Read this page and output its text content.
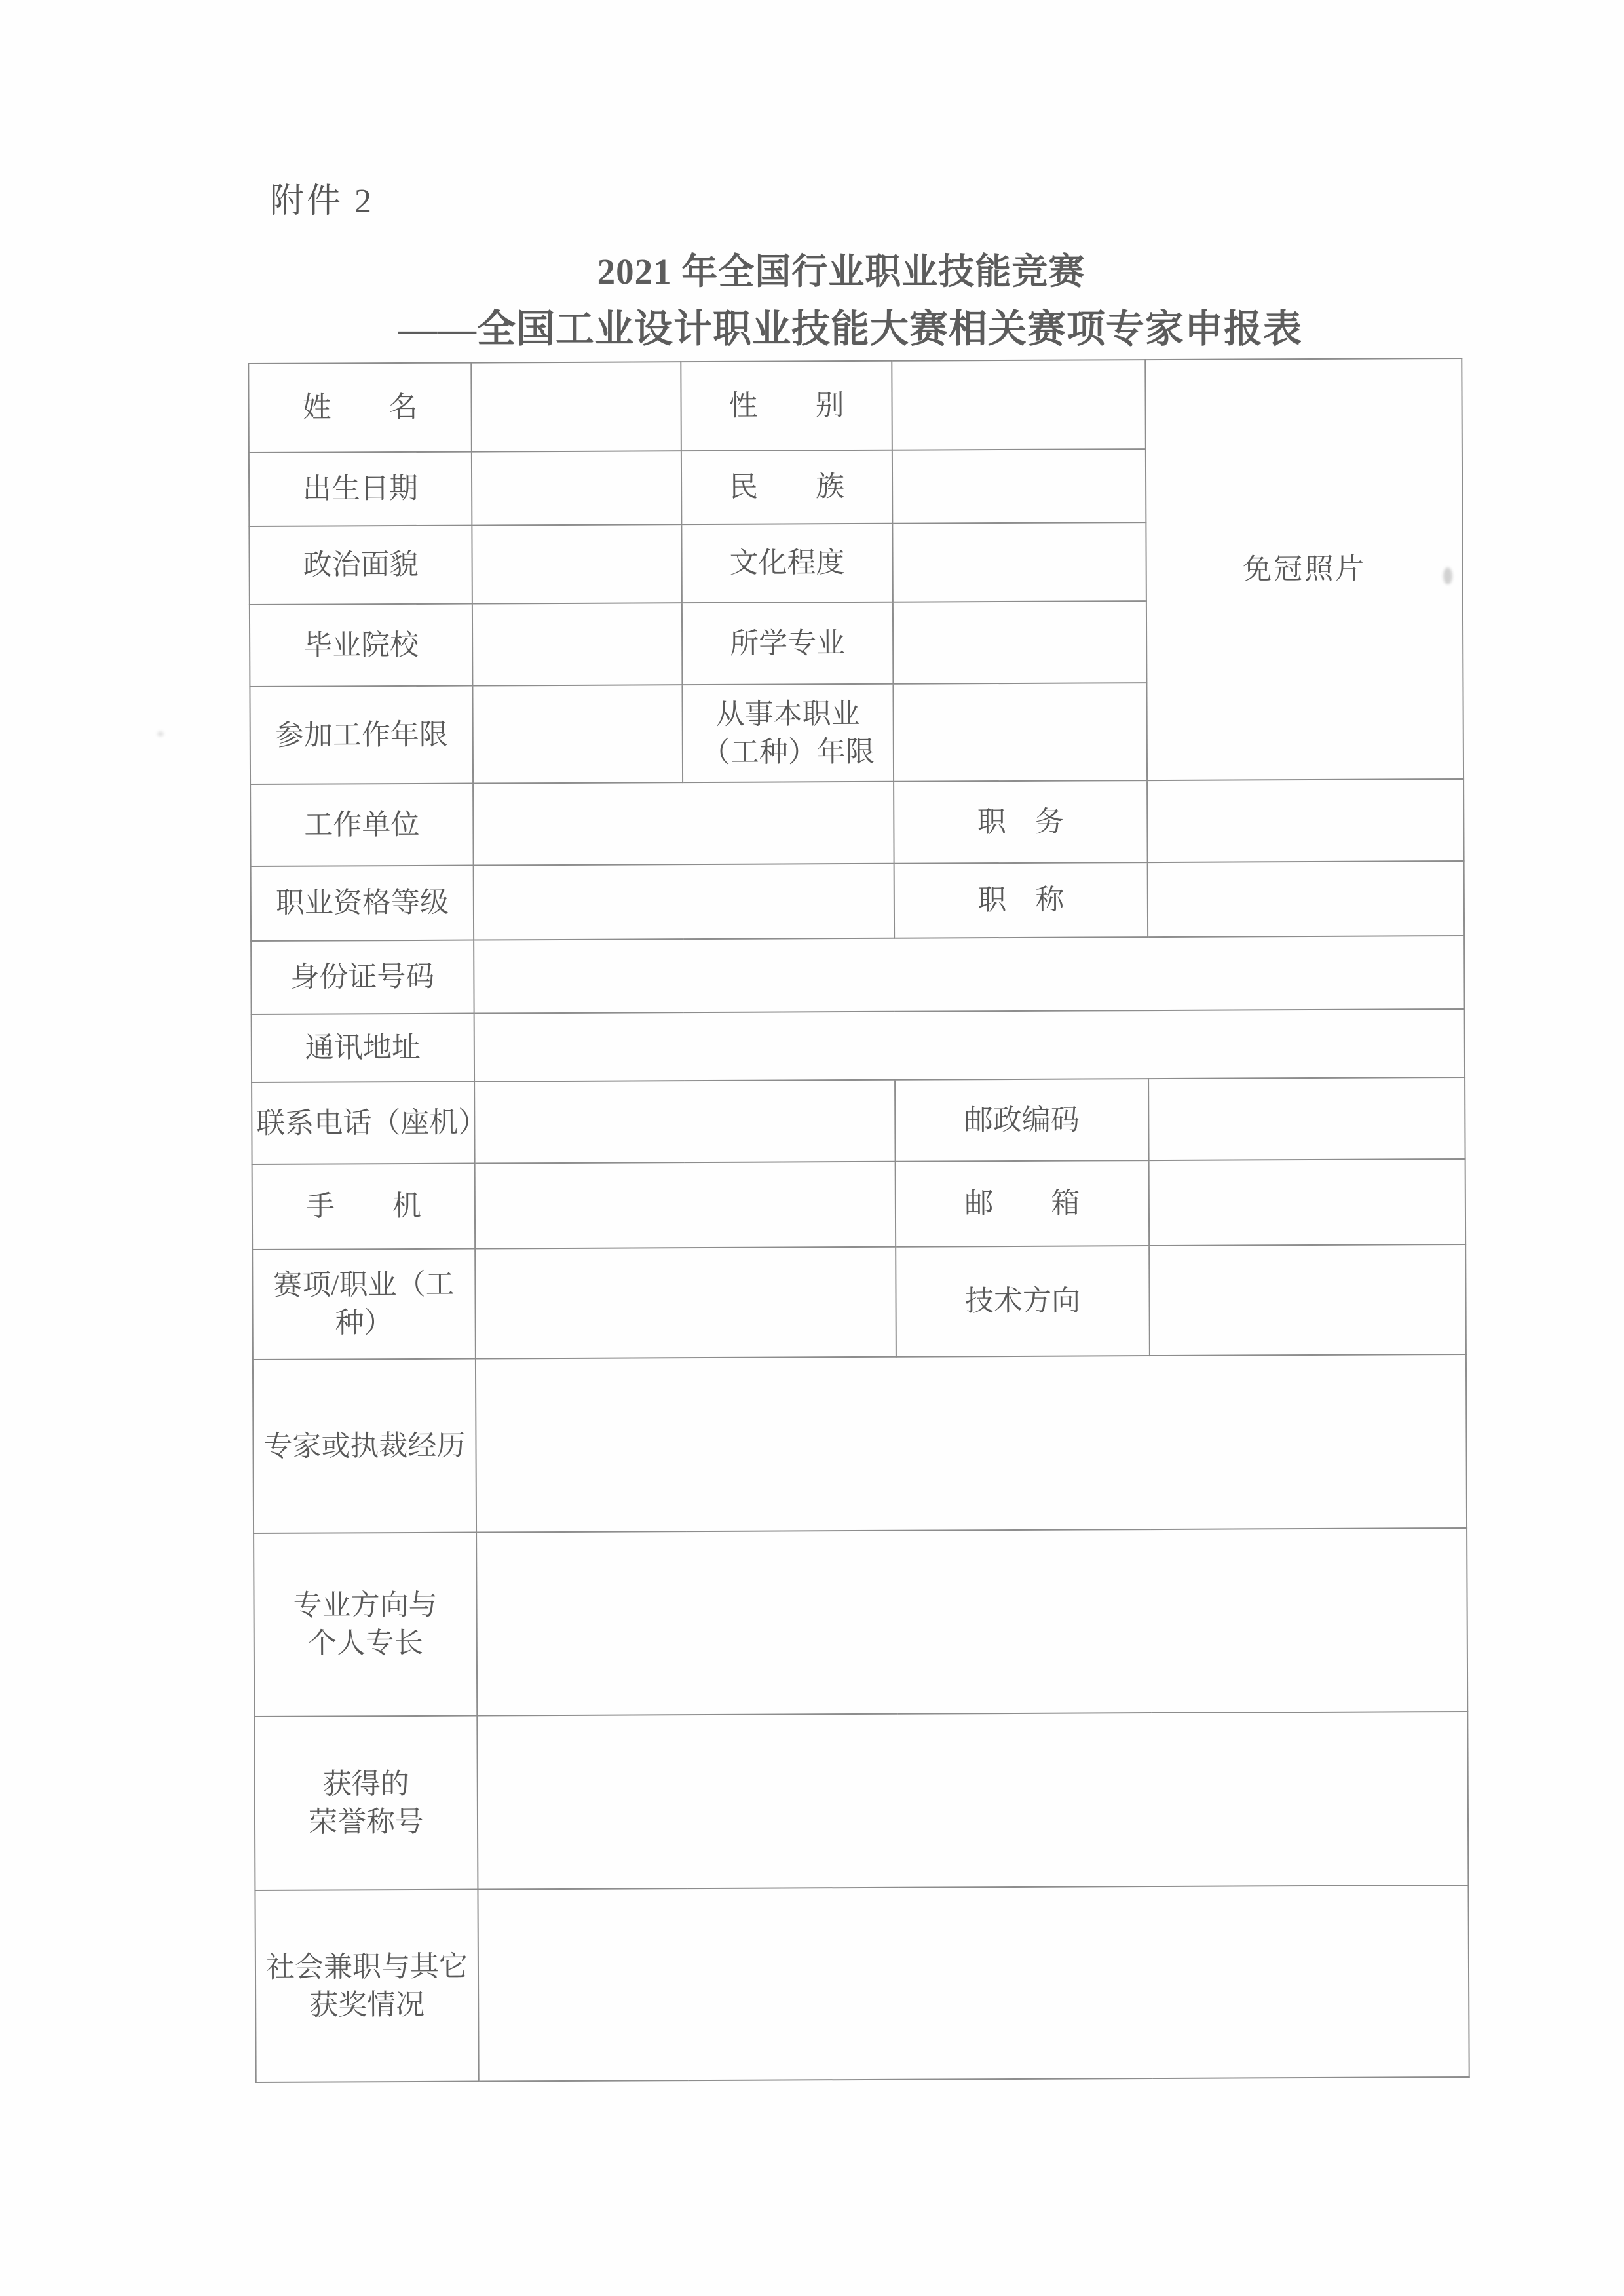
附件 2
2021 年全国行业职业技能竞赛
——全国工业设计职业技能大赛相关赛项专家申报表
姓　　名		性　　别		免冠照片
出生日期		民　　族		
政治面貌		文化程度		
毕业院校		所学专业		
参加工作年限		从事本职业
（工种）年限		
工作单位			职　务	
职业资格等级			职　称	
身份证号码				
通讯地址				
联系电话（座机）			邮政编码	
手　　机			邮　　箱	
赛项/职业（工
种）			技术方向	
专家或执裁经历				
专业方向与
个人专长				
获得的
荣誉称号				
社会兼职与其它
获奖情况				
